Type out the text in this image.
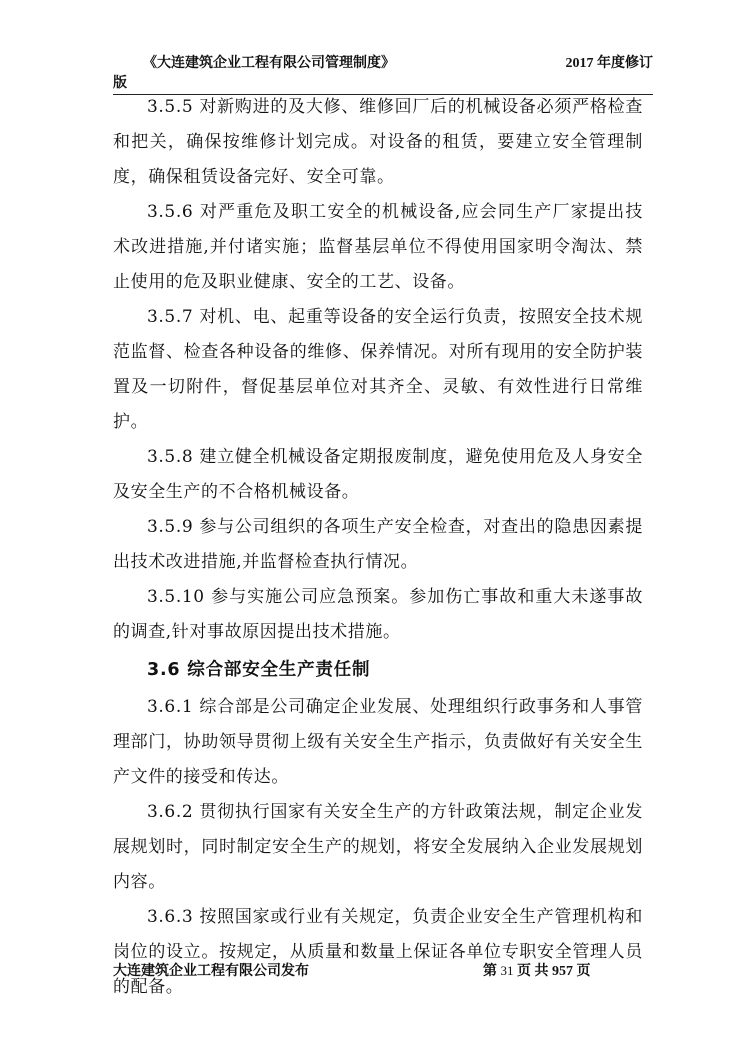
《大连建筑企业工程有限公司管理制度》	2017 年度修订
版

3.5.5 对新购进的及大修、维修回厂后的机械设备必须严格检查和把关，确保按维修计划完成。对设备的租赁，要建立安全管理制度，确保租赁设备完好、安全可靠。

3.5.6 对严重危及职工安全的机械设备,应会同生产厂家提出技术改进措施,并付诸实施；监督基层单位不得使用国家明令淘汰、禁止使用的危及职业健康、安全的工艺、设备。

3.5.7 对机、电、起重等设备的安全运行负责，按照安全技术规范监督、检查各种设备的维修、保养情况。对所有现用的安全防护装置及一切附件，督促基层单位对其齐全、灵敏、有效性进行日常维护。

3.5.8 建立健全机械设备定期报废制度，避免使用危及人身安全及安全生产的不合格机械设备。

3.5.9 参与公司组织的各项生产安全检查，对查出的隐患因素提出技术改进措施,并监督检查执行情况。

3.5.10 参与实施公司应急预案。参加伤亡事故和重大未遂事故的调查,针对事故原因提出技术措施。

3.6 综合部安全生产责任制

3.6.1 综合部是公司确定企业发展、处理组织行政事务和人事管理部门，协助领导贯彻上级有关安全生产指示，负责做好有关安全生产文件的接受和传达。

3.6.2 贯彻执行国家有关安全生产的方针政策法规，制定企业发展规划时，同时制定安全生产的规划，将安全发展纳入企业发展规划内容。

3.6.3 按照国家或行业有关规定，负责企业安全生产管理机构和岗位的设立。按规定，从质量和数量上保证各单位专职安全管理人员的配备。

大连建筑企业工程有限公司发布	第 31 页 共 957 页
